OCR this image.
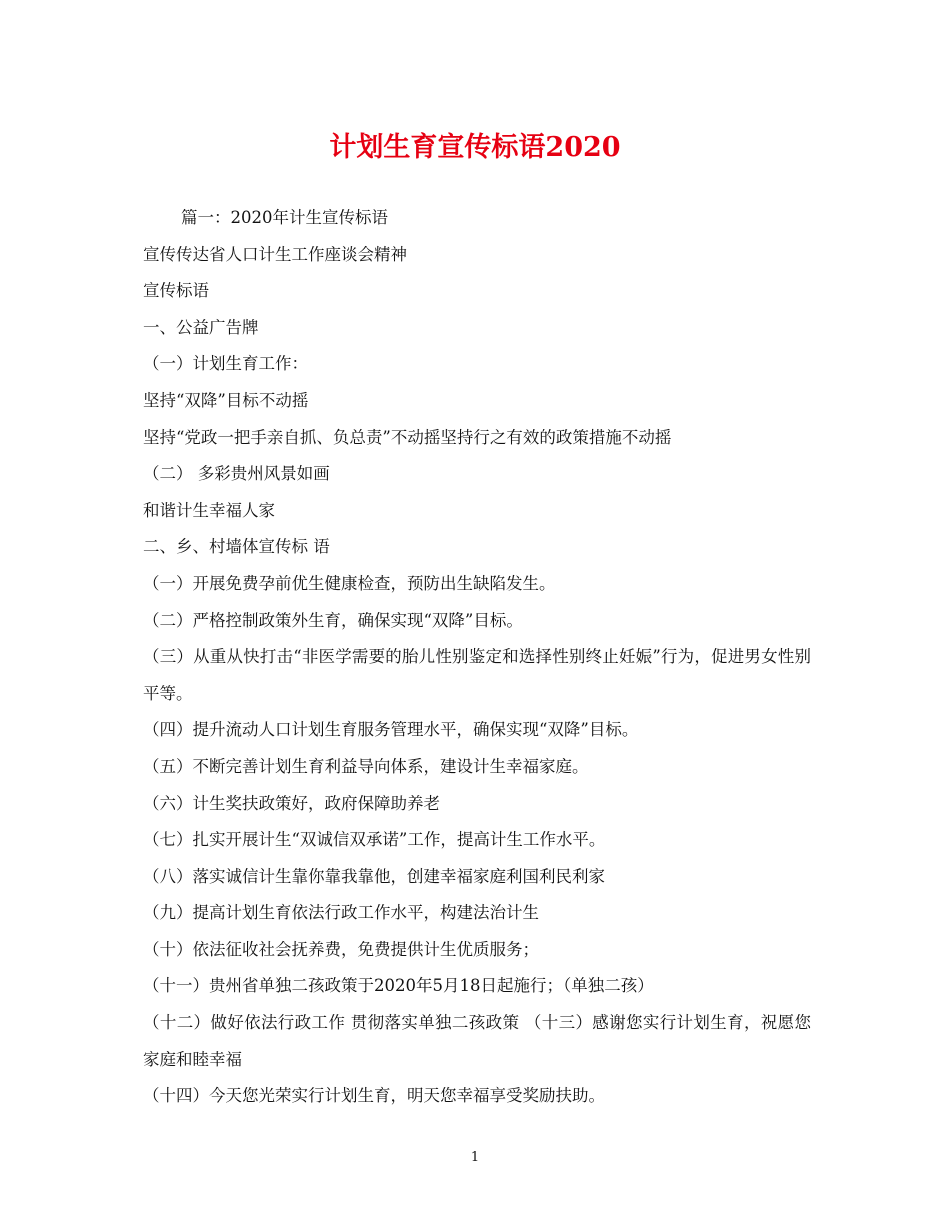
计划生育宣传标语2020

篇一：2020年计生宣传标语

宣传传达省人口计生工作座谈会精神

宣传标语

一、公益广告牌

（一）计划生育工作：

坚持“双降”目标不动摇

坚持“党政一把手亲自抓、负总责”不动摇坚持行之有效的政策措施不动摇

（二） 多彩贵州风景如画

和谐计生幸福人家

二、乡、村墙体宣传标 语

（一）开展免费孕前优生健康检查，预防出生缺陷发生。

（二）严格控制政策外生育，确保实现“双降”目标。

（三）从重从快打击“非医学需要的胎儿性别鉴定和选择性别终止妊娠”行为，促进男女性别平等。

（四）提升流动人口计划生育服务管理水平，确保实现“双降”目标。

（五）不断完善计划生育利益导向体系，建设计生幸福家庭。

（六）计生奖扶政策好，政府保障助养老

（七）扎实开展计生“双诚信双承诺”工作，提高计生工作水平。

（八）落实诚信计生靠你靠我靠他，创建幸福家庭利国利民利家

（九）提高计划生育依法行政工作水平，构建法治计生

（十）依法征收社会抚养费，免费提供计生优质服务；

（十一）贵州省单独二孩政策于2020年5月18日起施行；（单独二孩）

（十二）做好依法行政工作 贯彻落实单独二孩政策 （十三）感谢您实行计划生育，祝愿您家庭和睦幸福

（十四）今天您光荣实行计划生育，明天您幸福享受奖励扶助。

1
